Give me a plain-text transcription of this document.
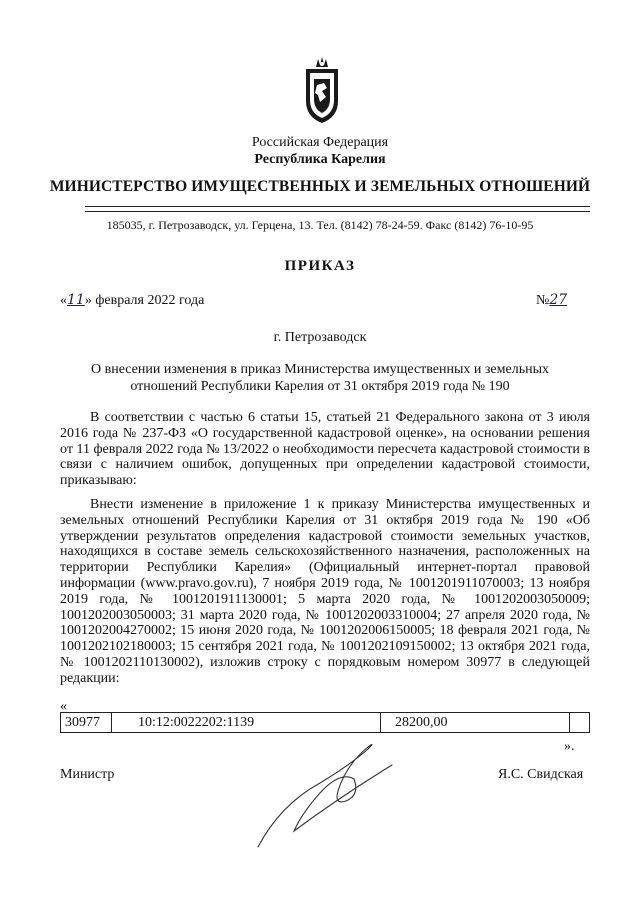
Российская Федерация
Республика Карелия
МИНИСТЕРСТВО ИМУЩЕСТВЕННЫХ И ЗЕМЕЛЬНЫХ ОТНОШЕНИЙ
185035, г. Петрозаводск, ул. Герцена, 13. Тел. (8142) 78-24-59. Факс (8142) 76-10-95
ПРИКАЗ
«11» февраля 2022 года	№27
г. Петрозаводск
О внесении изменения в приказ Министерства имущественных и земельных
отношений Республики Карелия от 31 октября 2019 года № 190

В соответствии с частью 6 статьи 15, статьей 21 Федерального закона от 3 июля 2016 года № 237-ФЗ «О государственной кадастровой оценке», на основании решения от 11 февраля 2022 года № 13/2022 о необходимости пересчета кадастровой стоимости в связи с наличием ошибок, допущенных при определении кадастровой стоимости, приказываю:

Внести изменение в приложение 1 к приказу Министерства имущественных и земельных отношений Республики Карелия от 31 октября 2019 года № 190 «Об утверждении результатов определения кадастровой стоимости земельных участков, находящихся в составе земель сельскохозяйственного назначения, расположенных на территории Республики Карелия» (Официальный интернет-портал правовой информации (www.pravo.gov.ru), 7 ноября 2019 года, № 1001201911070003; 13 ноября 2019 года, № 1001201911130001; 5 марта 2020 года, № 1001202003050009; 1001202003050003; 31 марта 2020 года, № 1001202003310004; 27 апреля 2020 года, № 1001202004270002; 15 июня 2020 года, № 1001202006150005; 18 февраля 2021 года, № 1001202102180003; 15 сентября 2021 года, № 1001202109150002; 13 октября 2021 года, № 1001202110130002), изложив строку с порядковым номером 30977 в следующей редакции:

«
30977	10:12:0022202:1139	28200,00	
».
Министр	Я.С. Свидская
